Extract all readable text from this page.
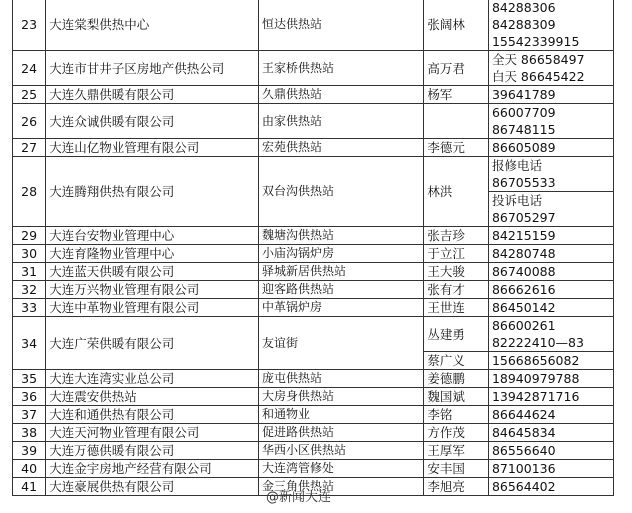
23	大连棠梨供热中心	恒达供热站	张阔林	84288306
84288309
15542339915

24	大连市甘井子区房地产供热公司	王家桥供热站	高万君	全天 86658497
白天 86645422

25	大连久鼎供暖有限公司	久鼎供热站	杨军	39641789

26	大连众诚供暖有限公司	由家供热站		66007709
86748115

27	大连山亿物业管理有限公司	宏苑供热站	李德元	86605089

28	大连腾翔供热有限公司	双台沟供热站	林洪	报修电话
86705533

				投诉电话
86705297

29	大连台安物业管理中心	魏塘沟供热站	张吉珍	84215159

30	大连育隆物业管理中心	小庙沟锅炉房	于立江	84280748

31	大连蓝天供暖有限公司	驿城新居供热站	王大骏	86740088

32	大连万兴物业管理有限公司	迎客路供热站	张有才	86662616

33	大连中革物业管理有限公司	中革锅炉房	王世连	86450142

34	大连广荣供暖有限公司	友谊街	丛建勇	86600261
82222410—83

			蔡广义	15668656082

35	大连大连湾实业总公司	庞屯供热站	姜德鹏	18940979788

36	大连震安供热站	大房身供热站	魏国斌	13942871716

37	大连和通供热有限公司	和通物业	李铭	86644624

38	大连天河物业管理有限公司	促进路供热站	方作茂	84645834

39	大连万德供暖有限公司	华西小区供热站	王厚军	86556640

40	大连金宇房地产经营有限公司	大连湾管修处	安丰国	87100136

41	大连豪展供热有限公司	金三角供热站	李旭亮	86564402
@新闻大连
